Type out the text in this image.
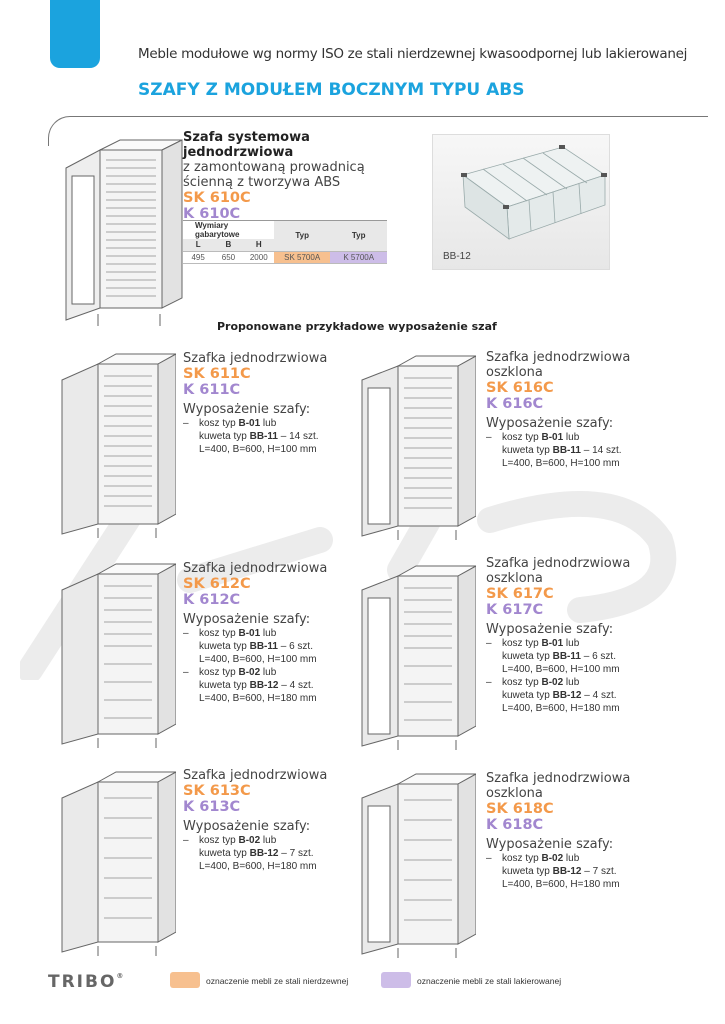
Meble modułowe wg normy ISO ze stali nierdzewnej kwasoodpornej lub lakierowanej
SZAFY Z MODUŁEM BOCZNYM TYPU ABS
Szafa systemowa jednodrzwiowa
z zamontowaną prowadnicą
ścienną z tworzywa ABS
SK 610C
K 610C
Wymiary gabarytowe			Typ	Typ
L	B	H		
495	650	2000	SK 5700A	K 5700A	BB-12
Proponowane przykładowe wyposażenie szaf
Szafka jednodrzwiowa
SK 611C
K 611C
Wyposażenie szafy:
– kosz typ B-01 lub
kuweta typ BB-11 – 14 szt.
L=400, B=600, H=100 mm
Szafka jednodrzwiowa
oszklona
SK 616C
K 616C
Wyposażenie szafy:
– kosz typ B-01 lub
kuweta typ BB-11 – 14 szt.
L=400, B=600, H=100 mm
Szafka jednodrzwiowa
SK 612C
K 612C
Wyposażenie szafy:
– kosz typ B-01 lub
kuweta typ BB-11 – 6 szt.
L=400, B=600, H=100 mm
– kosz typ B-02 lub
kuweta typ BB-12 – 4 szt.
L=400, B=600, H=180 mm
Szafka jednodrzwiowa
oszklona
SK 617C
K 617C
Wyposażenie szafy:
– kosz typ B-01 lub
kuweta typ BB-11 – 6 szt.
L=400, B=600, H=100 mm
– kosz typ B-02 lub
kuweta typ BB-12 – 4 szt.
L=400, B=600, H=180 mm
Szafka jednodrzwiowa
SK 613C
K 613C
Wyposażenie szafy:
– kosz typ B-02 lub
kuweta typ BB-12 – 7 szt.
L=400, B=600, H=180 mm
Szafka jednodrzwiowa
oszklona
SK 618C
K 618C
Wyposażenie szafy:
– kosz typ B-02 lub
kuweta typ BB-12 – 7 szt.
L=400, B=600, H=180 mm
TRIBO®	oznaczenie mebli ze stali nierdzewnej	oznaczenie mebli ze stali lakierowanej
